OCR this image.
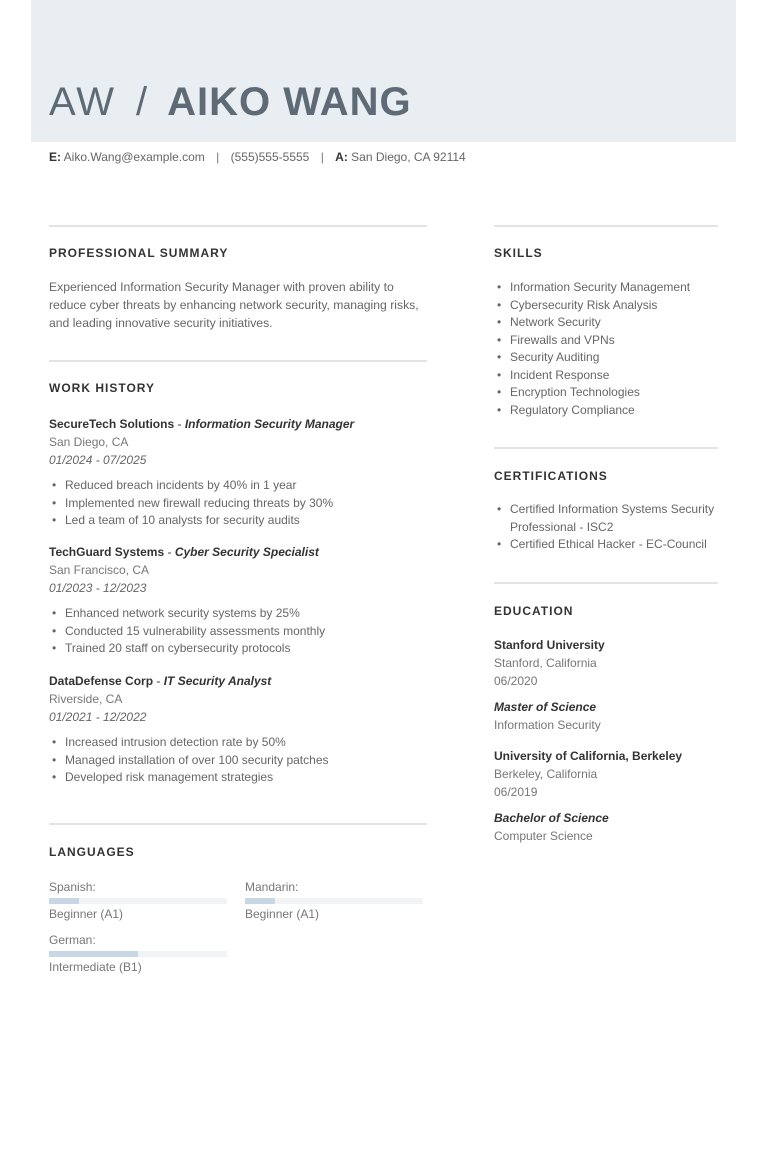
AW / AIKO WANG
E: Aiko.Wang@example.com | (555)555-5555 | A: San Diego, CA 92114
PROFESSIONAL SUMMARY
Experienced Information Security Manager with proven ability to reduce cyber threats by enhancing network security, managing risks, and leading innovative security initiatives.
WORK HISTORY
SecureTech Solutions - Information Security Manager
San Diego, CA
01/2024 - 07/2025
• Reduced breach incidents by 40% in 1 year
• Implemented new firewall reducing threats by 30%
• Led a team of 10 analysts for security audits
TechGuard Systems - Cyber Security Specialist
San Francisco, CA
01/2023 - 12/2023
• Enhanced network security systems by 25%
• Conducted 15 vulnerability assessments monthly
• Trained 20 staff on cybersecurity protocols
DataDefense Corp - IT Security Analyst
Riverside, CA
01/2021 - 12/2022
• Increased intrusion detection rate by 50%
• Managed installation of over 100 security patches
• Developed risk management strategies
LANGUAGES
Spanish:
Beginner (A1)
Mandarin:
Beginner (A1)
German:
Intermediate (B1)
SKILLS
• Information Security Management
• Cybersecurity Risk Analysis
• Network Security
• Firewalls and VPNs
• Security Auditing
• Incident Response
• Encryption Technologies
• Regulatory Compliance
CERTIFICATIONS
• Certified Information Systems Security Professional - ISC2
• Certified Ethical Hacker - EC-Council
EDUCATION
Stanford University
Stanford, California
06/2020
Master of Science
Information Security
University of California, Berkeley
Berkeley, California
06/2019
Bachelor of Science
Computer Science
